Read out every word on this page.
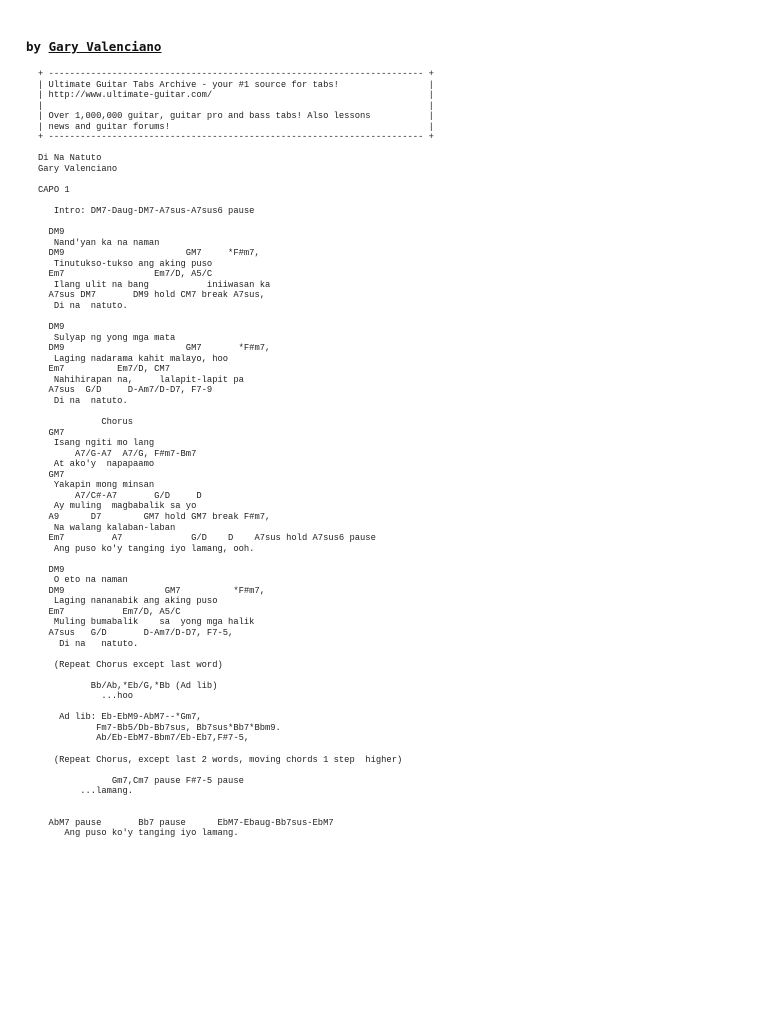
by Gary Valenciano
+ ----------------------------------------------------------------------- +
| Ultimate Guitar Tabs Archive - your #1 source for tabs!                 |
| http://www.ultimate-guitar.com/                                         |
|                                                                         |
| Over 1,000,000 guitar, guitar pro and bass tabs! Also lessons           |
| news and guitar forums!                                                 |
+ ----------------------------------------------------------------------- +
Di Na Natuto
Gary Valenciano
CAPO 1
Intro: DM7-Daug-DM7-A7sus-A7sus6 pause
DM9
Nand'yan ka na naman
DM9                       GM7     *F#m7,
Tinutukso-tukso ang aking puso
Em7                 Em7/D, A5/C
Ilang ulit na bang           iniiwasan ka
A7sus DM7       DM9 hold CM7 break A7sus,
Di na  natuto.
DM9
Sulyap ng yong mga mata
DM9                       GM7       *F#m7,
Laging nadarama kahit malayo, hoo
Em7          Em7/D, CM7
Nahihirapan na,     lalapit-lapit pa
A7sus  G/D     D-Am7/D-D7, F7-9
Di na  natuto.
Chorus
GM7
Isang ngiti mo lang
A7/G-A7  A7/G, F#m7-Bm7
At ako'y  napapaamo
GM7
Yakapin mong minsan
A7/C#-A7       G/D     D
Ay muling  magbabalik sa yo
A9      D7        GM7 hold GM7 break F#m7,
Na walang kalaban-laban
Em7         A7             G/D    D    A7sus hold A7sus6 pause
Ang puso ko'y tanging iyo lamang, ooh.
DM9
O eto na naman
DM9                   GM7          *F#m7,
Laging nananabik ang aking puso
Em7           Em7/D, A5/C
Muling bumabalik    sa  yong mga halik
A7sus   G/D       D-Am7/D-D7, F7-5,
Di na   natuto.
(Repeat Chorus except last word)
Bb/Ab,*Eb/G,*Bb (Ad lib)
...hoo
Ad lib: Eb-EbM9-AbM7--*Gm7,
Fm7-Bb5/Db-Bb7sus, Bb7sus*Bb7*Bbm9.
Ab/Eb-EbM7-Bbm7/Eb-Eb7,F#7-5,
(Repeat Chorus, except last 2 words, moving chords 1 step  higher)
Gm7,Cm7 pause F#7-5 pause
...lamang.
AbM7 pause       Bb7 pause      EbM7-Ebaug-Bb7sus-EbM7
Ang puso ko'y tanging iyo lamang.
